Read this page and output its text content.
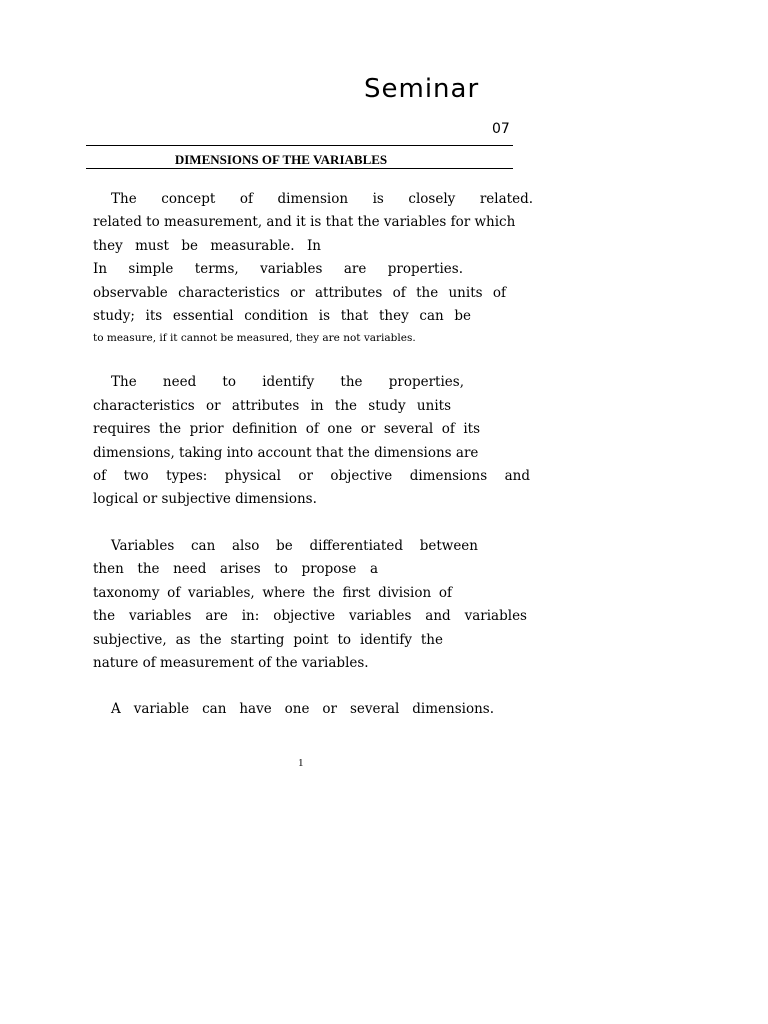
Seminar
07
DIMENSIONS OF THE VARIABLES
The concept of dimension is closely related.
related to measurement, and it is that the variables for which
they must be measurable. In
In simple terms, variables are properties.
observable characteristics or attributes of the units of
study; its essential condition is that they can be
to measure, if it cannot be measured, they are not variables.
The need to identify the properties,
characteristics or attributes in the study units
requires the prior definition of one or several of its
dimensions, taking into account that the dimensions are
of two types: physical or objective dimensions and
logical or subjective dimensions.
Variables can also be differentiated between
then the need arises to propose a
taxonomy of variables, where the first division of
the variables are in: objective variables and variables
subjective, as the starting point to identify the
nature of measurement of the variables.
A variable can have one or several dimensions.
1
